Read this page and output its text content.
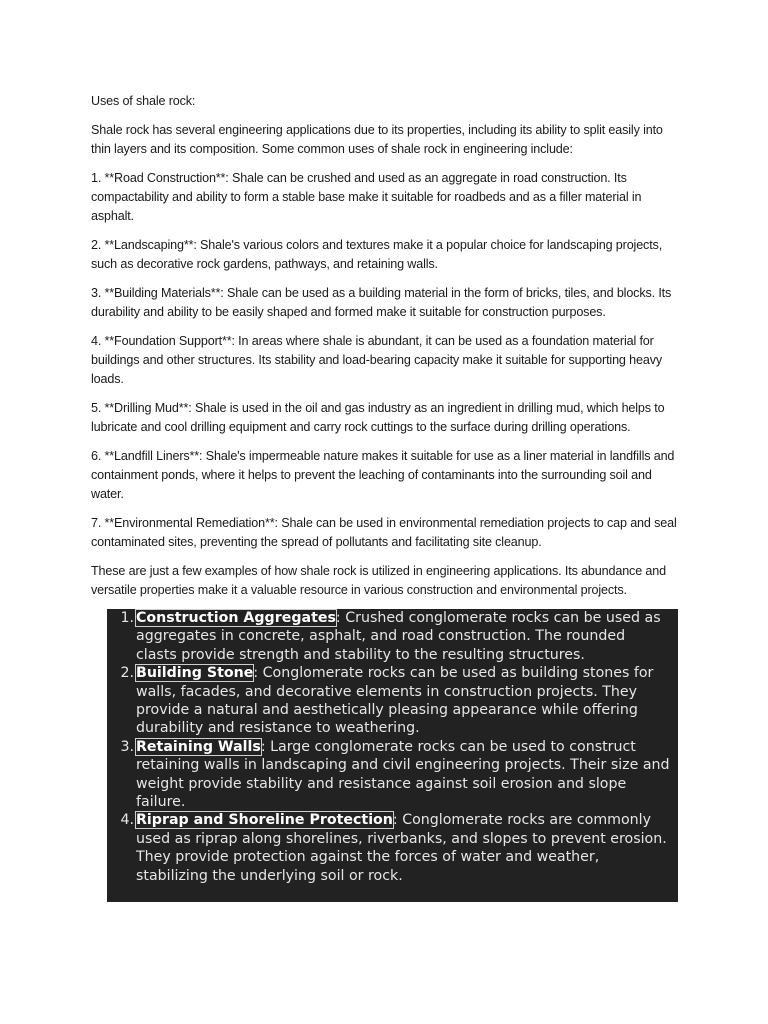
Uses of shale rock:

Shale rock has several engineering applications due to its properties, including its ability to split easily into thin layers and its composition. Some common uses of shale rock in engineering include:

1. **Road Construction**: Shale can be crushed and used as an aggregate in road construction. Its compactability and ability to form a stable base make it suitable for roadbeds and as a filler material in asphalt.

2. **Landscaping**: Shale's various colors and textures make it a popular choice for landscaping projects, such as decorative rock gardens, pathways, and retaining walls.

3. **Building Materials**: Shale can be used as a building material in the form of bricks, tiles, and blocks. Its durability and ability to be easily shaped and formed make it suitable for construction purposes.

4. **Foundation Support**: In areas where shale is abundant, it can be used as a foundation material for buildings and other structures. Its stability and load-bearing capacity make it suitable for supporting heavy loads.

5. **Drilling Mud**: Shale is used in the oil and gas industry as an ingredient in drilling mud, which helps to lubricate and cool drilling equipment and carry rock cuttings to the surface during drilling operations.

6. **Landfill Liners**: Shale's impermeable nature makes it suitable for use as a liner material in landfills and containment ponds, where it helps to prevent the leaching of contaminants into the surrounding soil and water.

7. **Environmental Remediation**: Shale can be used in environmental remediation projects to cap and seal contaminated sites, preventing the spread of pollutants and facilitating site cleanup.

These are just a few examples of how shale rock is utilized in engineering applications. Its abundance and versatile properties make it a valuable resource in various construction and environmental projects.

1. Construction Aggregates: Crushed conglomerate rocks can be used as aggregates in concrete, asphalt, and road construction. The rounded clasts provide strength and stability to the resulting structures.
2. Building Stone: Conglomerate rocks can be used as building stones for walls, facades, and decorative elements in construction projects. They provide a natural and aesthetically pleasing appearance while offering durability and resistance to weathering.
3. Retaining Walls: Large conglomerate rocks can be used to construct retaining walls in landscaping and civil engineering projects. Their size and weight provide stability and resistance against soil erosion and slope failure.
4. Riprap and Shoreline Protection: Conglomerate rocks are commonly used as riprap along shorelines, riverbanks, and slopes to prevent erosion. They provide protection against the forces of water and weather, stabilizing the underlying soil or rock.
